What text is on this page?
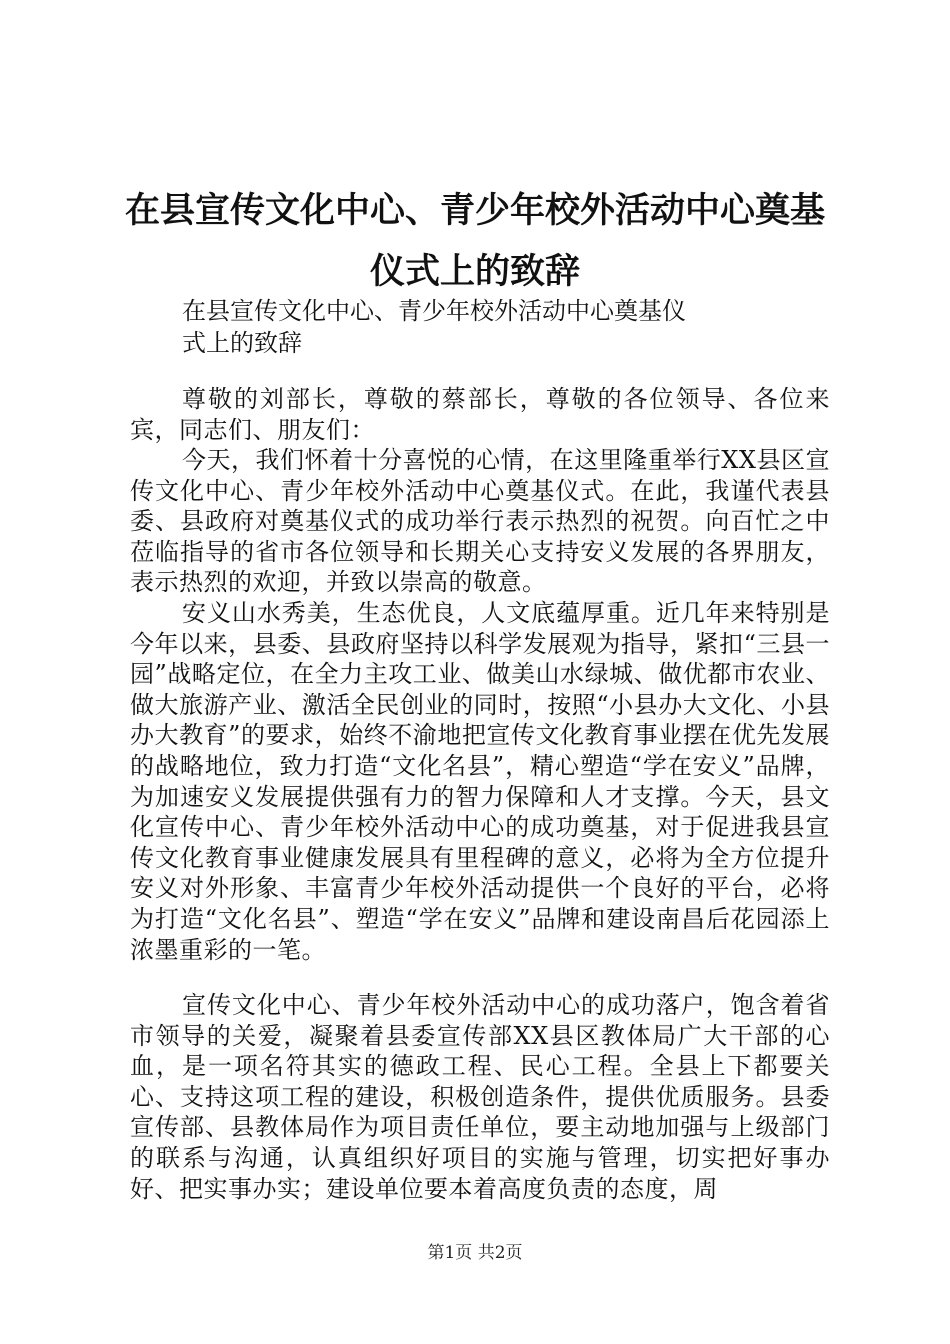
在县宣传文化中心、青少年校外活动中心奠基
仪式上的致辞
在县宣传文化中心、青少年校外活动中心奠基仪
式上的致辞

尊敬的刘部长，尊敬的蔡部长，尊敬的各位领导、各位来宾，同志们、朋友们：

今天，我们怀着十分喜悦的心情，在这里隆重举行XX县区宣传文化中心、青少年校外活动中心奠基仪式。在此，我谨代表县委、县政府对奠基仪式的成功举行表示热烈的祝贺。向百忙之中莅临指导的省市各位领导和长期关心支持安义发展的各界朋友，表示热烈的欢迎，并致以崇高的敬意。

安义山水秀美，生态优良，人文底蕴厚重。近几年来特别是今年以来，县委、县政府坚持以科学发展观为指导，紧扣“三县一园”战略定位，在全力主攻工业、做美山水绿城、做优都市农业、做大旅游产业、激活全民创业的同时，按照“小县办大文化、小县办大教育”的要求，始终不渝地把宣传文化教育事业摆在优先发展的战略地位，致力打造“文化名县”，精心塑造“学在安义”品牌，为加速安义发展提供强有力的智力保障和人才支撑。今天，县文化宣传中心、青少年校外活动中心的成功奠基，对于促进我县宣传文化教育事业健康发展具有里程碑的意义，必将为全方位提升安义对外形象、丰富青少年校外活动提供一个良好的平台，必将为打造“文化名县”、塑造“学在安义”品牌和建设南昌后花园添上浓墨重彩的一笔。

宣传文化中心、青少年校外活动中心的成功落户，饱含着省市领导的关爱，凝聚着县委宣传部XX县区教体局广大干部的心血，是一项名符其实的德政工程、民心工程。全县上下都要关心、支持这项工程的建设，积极创造条件，提供优质服务。县委宣传部、县教体局作为项目责任单位，要主动地加强与上级部门的联系与沟通，认真组织好项目的实施与管理，切实把好事办好、把实事办实；建设单位要本着高度负责的态度，周

第1页 共2页
